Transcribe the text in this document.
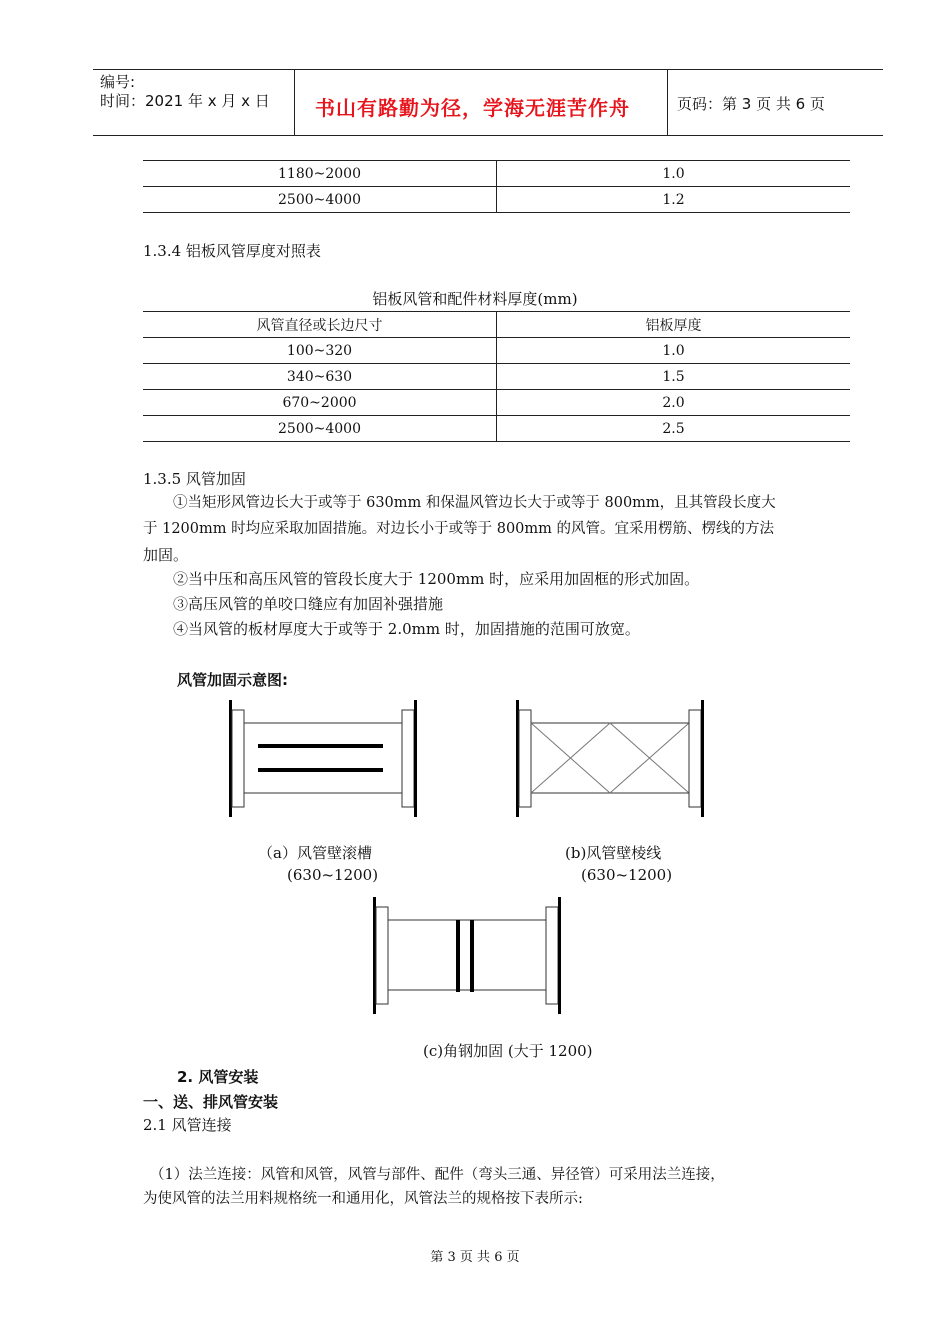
编号:
时间：2021 年 x 月 x 日 书山有路勤为径，学海无涯苦作舟	页码：第 3 页 共 6 页
1180~2000	1.0
2500~4000	1.2
1.3.4 铝板风管厚度对照表
铝板风管和配件材料厚度(mm)
风管直径或长边尺寸	铝板厚度
100~320	1.0
340~630	1.5
670~2000	2.0
2500~4000	2.5
1.3.5 风管加固
①当矩形风管边长大于或等于 630mm 和保温风管边长大于或等于 800mm，且其管段长度大
于 1200mm 时均应采取加固措施。对边长小于或等于 800mm 的风管。宜采用楞筋、楞线的方法
加固。
②当中压和高压风管的管段长度大于 1200mm 时，应采用加固框的形式加固。
③高压风管的单咬口缝应有加固补强措施
④当风管的板材厚度大于或等于 2.0mm 时，加固措施的范围可放宽。
风管加固示意图:
（a）风管壁滚槽
(630~1200)
(b)风管壁棱线
(630~1200)
(c)角钢加固 (大于 1200)
2. 风管安装
一、送、排风管安装
2.1 风管连接
（1）法兰连接：风管和风管，风管与部件、配件（弯头三通、异径管）可采用法兰连接，
为使风管的法兰用料规格统一和通用化，风管法兰的规格按下表所示:
第 3 页 共 6 页
